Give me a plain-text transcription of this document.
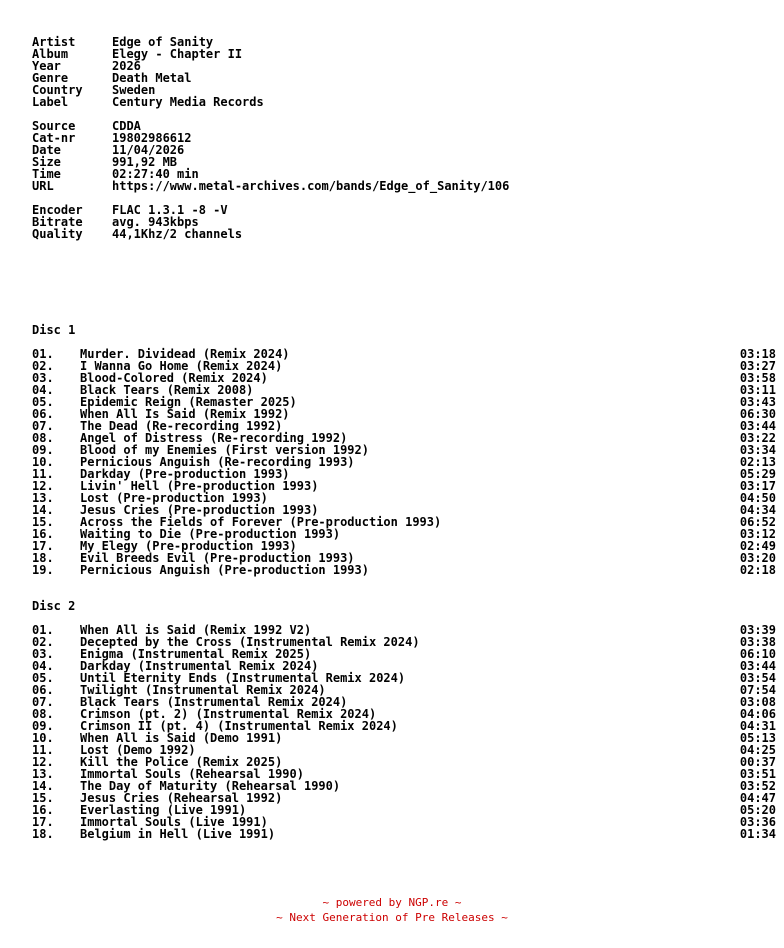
Artist	Edge of Sanity
Album	Elegy - Chapter II
Year	2026
Genre	Death Metal
Country Sweden
Label	Century Media Records
Source	CDDA
Cat-nr	19802986612
Date	11/04/2026
Size	991,92 MB
Time	02:27:40 min
URL	https://www.metal-archives.com/bands/Edge_of_Sanity/106
Encoder FLAC 1.3.1 -8 -V
Bitrate avg. 943kbps
Quality 44,1Khz/2 channels
Disc 1
01. Murder. Dividead (Remix 2024)	03:18
02. I Wanna Go Home (Remix 2024)	03:27
03. Blood-Colored (Remix 2024)	03:58
04. Black Tears (Remix 2008)	03:11
05. Epidemic Reign (Remaster 2025)	03:43
06. When All Is Said (Remix 1992)	06:30
07. The Dead (Re-recording 1992)	03:44
08. Angel of Distress (Re-recording 1992)	03:22
09. Blood of my Enemies (First version 1992)	03:34
10. Pernicious Anguish (Re-recording 1993)	02:13
11. Darkday (Pre-production 1993)	05:29
12. Livin' Hell (Pre-production 1993)	03:17
13. Lost (Pre-production 1993)	04:50
14. Jesus Cries (Pre-production 1993)	04:34
15. Across the Fields of Forever (Pre-production 1993)	06:52
16. Waiting to Die (Pre-production 1993)	03:12
17. My Elegy (Pre-production 1993)	02:49
18. Evil Breeds Evil (Pre-production 1993)	03:20
19. Pernicious Anguish (Pre-production 1993)	02:18
Disc 2
01. When All is Said (Remix 1992 V2)	03:39
02. Decepted by the Cross (Instrumental Remix 2024)	03:38
03. Enigma (Instrumental Remix 2025)	06:10
04. Darkday (Instrumental Remix 2024)	03:44
05. Until Eternity Ends (Instrumental Remix 2024)	03:54
06. Twilight (Instrumental Remix 2024)	07:54
07. Black Tears (Instrumental Remix 2024)	03:08
08. Crimson (pt. 2) (Instrumental Remix 2024)	04:06
09. Crimson II (pt. 4) (Instrumental Remix 2024)	04:31
10. When All is Said (Demo 1991)	05:13
11. Lost (Demo 1992)	04:25
12. Kill the Police (Remix 2025)	00:37
13. Immortal Souls (Rehearsal 1990)	03:51
14. The Day of Maturity (Rehearsal 1990)	03:52
15. Jesus Cries (Rehearsal 1992)	04:47
16. Everlasting (Live 1991)	05:20
17. Immortal Souls (Live 1991)	03:36
18. Belgium in Hell (Live 1991)	01:34
~ powered by NGP.re ~
~ Next Generation of Pre Releases ~
